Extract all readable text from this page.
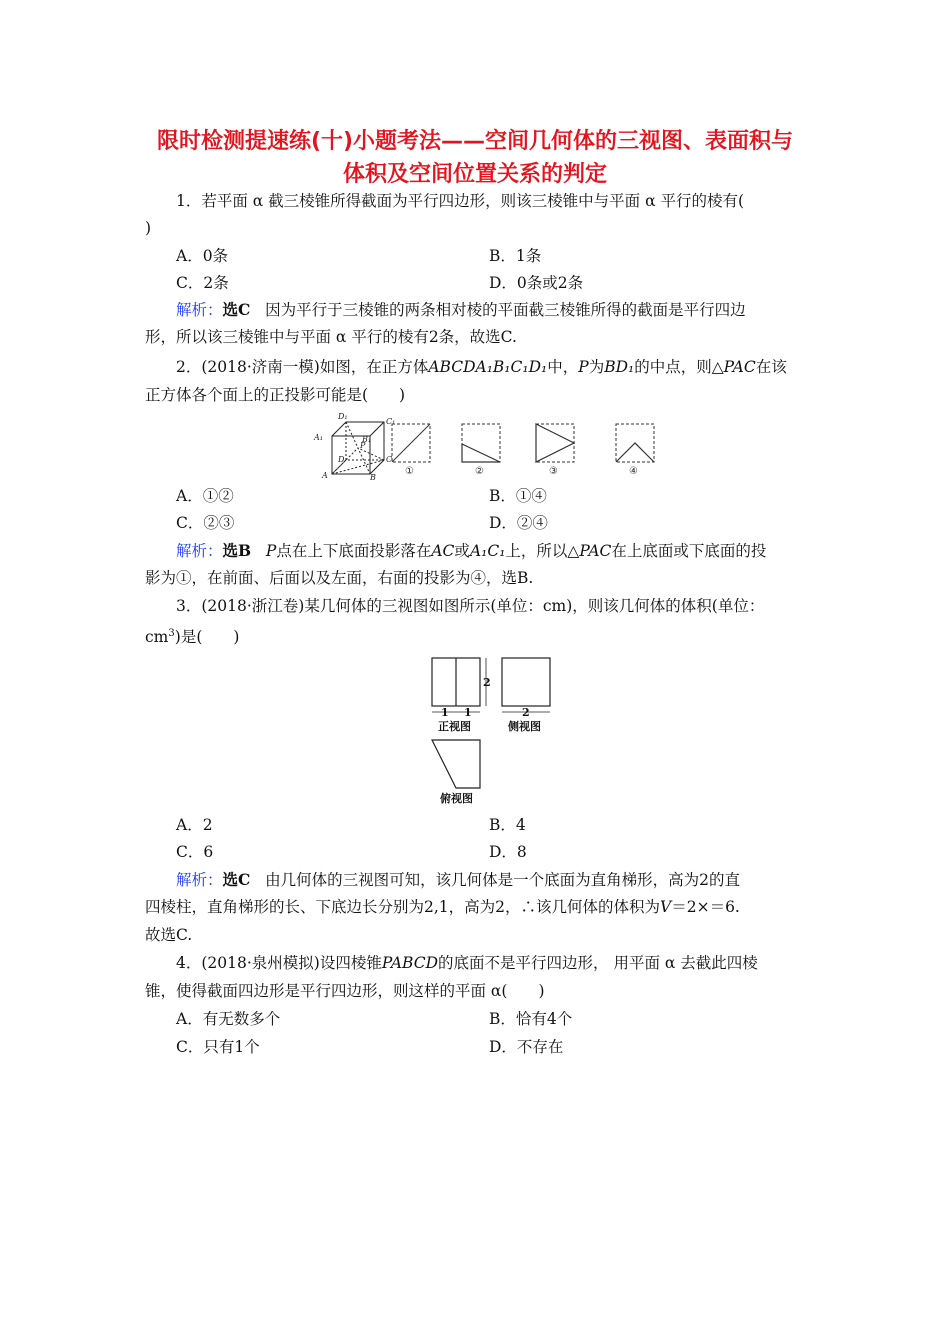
限时检测提速练(十)小题考法——空间几何体的三视图、表面积与
体积及空间位置关系的判定
1．若平面 α 截三棱锥所得截面为平行四边形，则该三棱锥中与平面 α 平行的棱有(
)
A．0条	B．1条
C．2条	D．0条或2条
解析：选C 因为平行于三棱锥的两条相对棱的平面截三棱锥所得的截面是平行四边
形，所以该三棱锥中与平面 α 平行的棱有2条，故选C.
2．(2018·济南一模)如图，在正方体ABCDA₁B₁C₁D₁中，P为BD₁的中点，则△PAC在该
正方体各个面上的正投影可能是(　　)
D₁
C₁
A₁	B₁
D	C
A	B
P
①	②	③	④
A．①②	B．①④
C．②③	D．②④
解析：选B P点在上下底面投影落在AC或A₁C₁上，所以△PAC在上底面或下底面的投
影为①，在前面、后面以及左面，右面的投影为④，选B.
3．(2018·浙江卷)某几何体的三视图如图所示(单位：cm)，则该几何体的体积(单位：
$cm^3$)是(　　)
1 1
2
2
正视图	侧视图
俯视图
A．2	B．4
C．6	D．8
解析：选C 由几何体的三视图可知，该几何体是一个底面为直角梯形，高为2的直
四棱柱，直角梯形的长、下底边长分别为2,1，高为2，∴该几何体的体积为V＝2×＝6.
故选C.
4．(2018·泉州模拟)设四棱锥PABCD的底面不是平行四边形， 用平面 α 去截此四棱
锥，使得截面四边形是平行四边形，则这样的平面 α(　　)
A．有无数多个	B．恰有4个
C．只有1个	D．不存在
